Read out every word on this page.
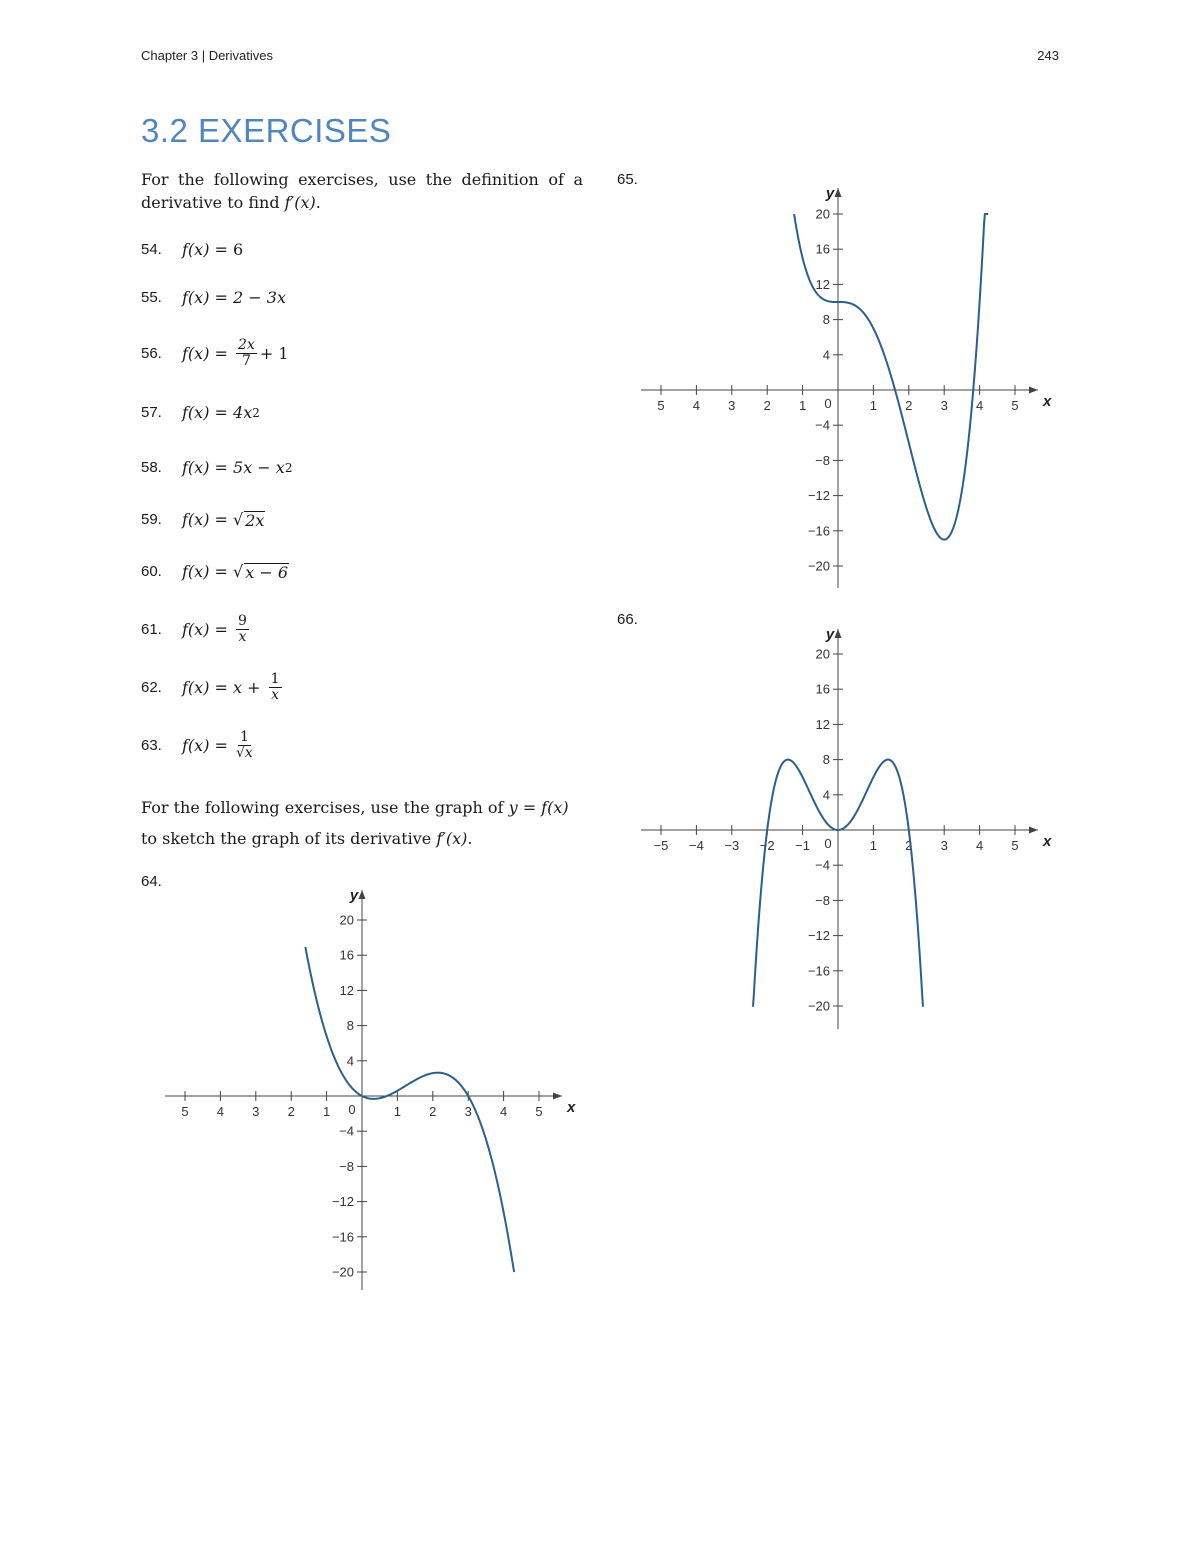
Chapter 3 | Derivatives	243
3.2 EXERCISES

For the following exercises, use the definition of a derivative to find f′(x).

54.	f(x) = 6
55.	f(x) = 2 − 3x
56.	$f(x) = \frac{2x}{7} + 1$
57.	f(x) = 4x 2
58.	f(x) = 5x − x 2
59.	f(x) = √ 2x
60.	f(x) = √ x − 6
61.	$f(x) = \frac{9}{x}$
62.	$f(x) = x + \frac{1}{x}$
63.	$f(x) = \frac{1}{√x}$

For the following exercises, use the graph of y = f(x) to sketch the graph of its derivative f′(x).

64.
65.
66.
5 4 3 2 1	1 2 3 4 5
20
16
12
8
4
−4
−8
−12
−16
−20
0	x
y
5 4 3 2 1	1 2 3 4 5
20
16
12
8
4
−4
−8
−12
−16
−20
0	x
y
−5 −4 −3 −2 −1	1 2 3 4 5
20
16
12
8
4
−4
−8
−12
−16
−20
0	x
y
